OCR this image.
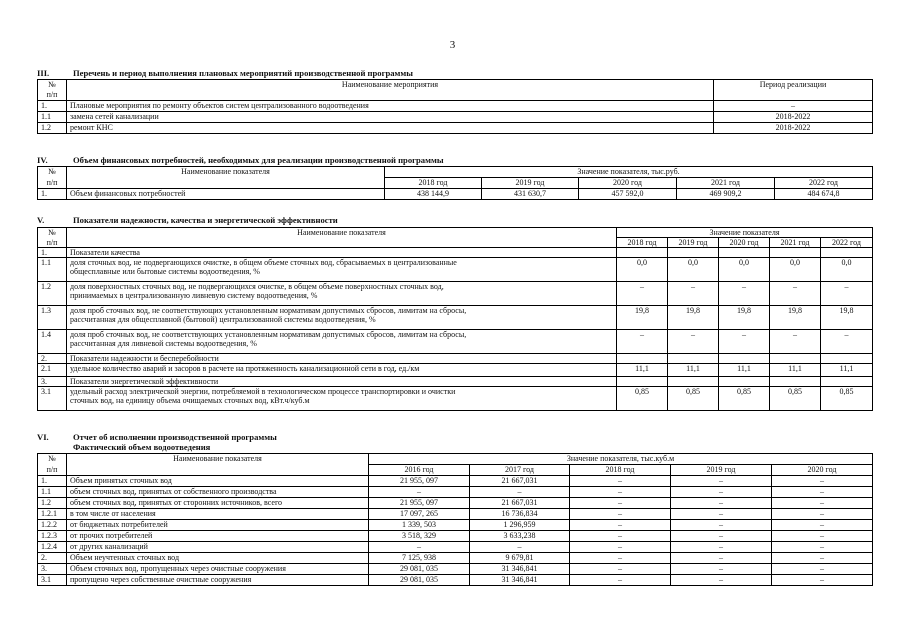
3
III.	Перечень и период выполнения плановых мероприятий производственной программы
№	Наименование мероприятия	Период реализации
п/п		
1.	Плановые мероприятия по ремонту объектов систем централизованного водоотведения	–
1.1	замена сетей канализации	2018-2022
1.2	ремонт КНС	2018-2022
IV.	Объем финансовых потребностей, необходимых для реализации производственной программы
№	Наименование показателя	Значение показателя, тыс.руб.				
п/п		2018 год	2019 год	2020 год	2021 год	2022 год
1.	Объем финансовых потребностей	438 144,9	431 630,7	457 592,0	469 909,2	484 674,8
V.	Показатели надежности, качества и энергетической эффективности
№	Наименование показателя	Значение показателя				
п/п		2018 год	2019 год	2020 год	2021 год	2022 год
1.	Показатели качества					
1.1	доля сточных вод, не подвергающихся очистке, в общем объеме сточных вод, сбрасываемых в централизованные
общесплавные или бытовые системы водоотведения, %	0,0	0,0	0,0	0,0	0,0
1.2	доля поверхностных сточных вод, не подвергающихся очистке, в общем объеме поверхностных сточных вод,
принимаемых в централизованную ливневую систему водоотведения, %	–	–	–	–	–
1.3	доля проб сточных вод, не соответствующих установленным нормативам допустимых сбросов, лимитам на сбросы,
рассчитанная для общесплавной (бытовой) централизованной системы водоотведения, %	19,8	19,8	19,8	19,8	19,8
1.4	доля проб сточных вод, не соответствующих установленным нормативам допустимых сбросов, лимитам на сбросы,
рассчитанная для ливневой системы водоотведения, %	–	–	–	–	–
2.	Показатели надежности и бесперебойности					
2.1	удельное количество аварий и засоров в расчете на протяженность канализационной сети в год, ед./км	11,1	11,1	11,1	11,1	11,1
3.	Показатели энергетической эффективности					
3.1	удельный расход электрической энергии, потребляемой в технологическом процессе транспортировки и очистки
сточных вод, на единицу объема очищаемых сточных вод, кВт.ч/куб.м	0,85	0,85	0,85	0,85	0,85
VI.	Отчет об исполнении производственной программы
Фактический объем водоотведения
№	Наименование показателя	Значение показателя, тыс.куб.м				
п/п		2016 год	2017 год	2018 год	2019 год	2020 год
1.	Объем принятых сточных вод	21 955, 097	21 667,031	–	–	–
1.1	объем сточных вод, принятых от собственного производства	–	–	–	–	–
1.2	объем сточных вод, принятых от сторонних источников, всего	21 955, 097	21 667,031	–	–	–
1.2.1	в том числе от населения	17 097, 265	16 736,834	–	–	–
1.2.2	от бюджетных потребителей	1 339, 503	1 296,959	–	–	–
1.2.3	от прочих потребителей	3 518, 329	3 633,238	–	–	–
1.2.4	от других канализаций	–	–	–	–	–
2.	Объем неучтенных сточных вод	7 125, 938	9 679,81	–	–	–
3.	Объем сточных вод, пропущенных через очистные сооружения	29 081, 035	31 346,841	–	–	–
3.1	пропущено через собственные очистные сооружения	29 081, 035	31 346,841	–	–	–
